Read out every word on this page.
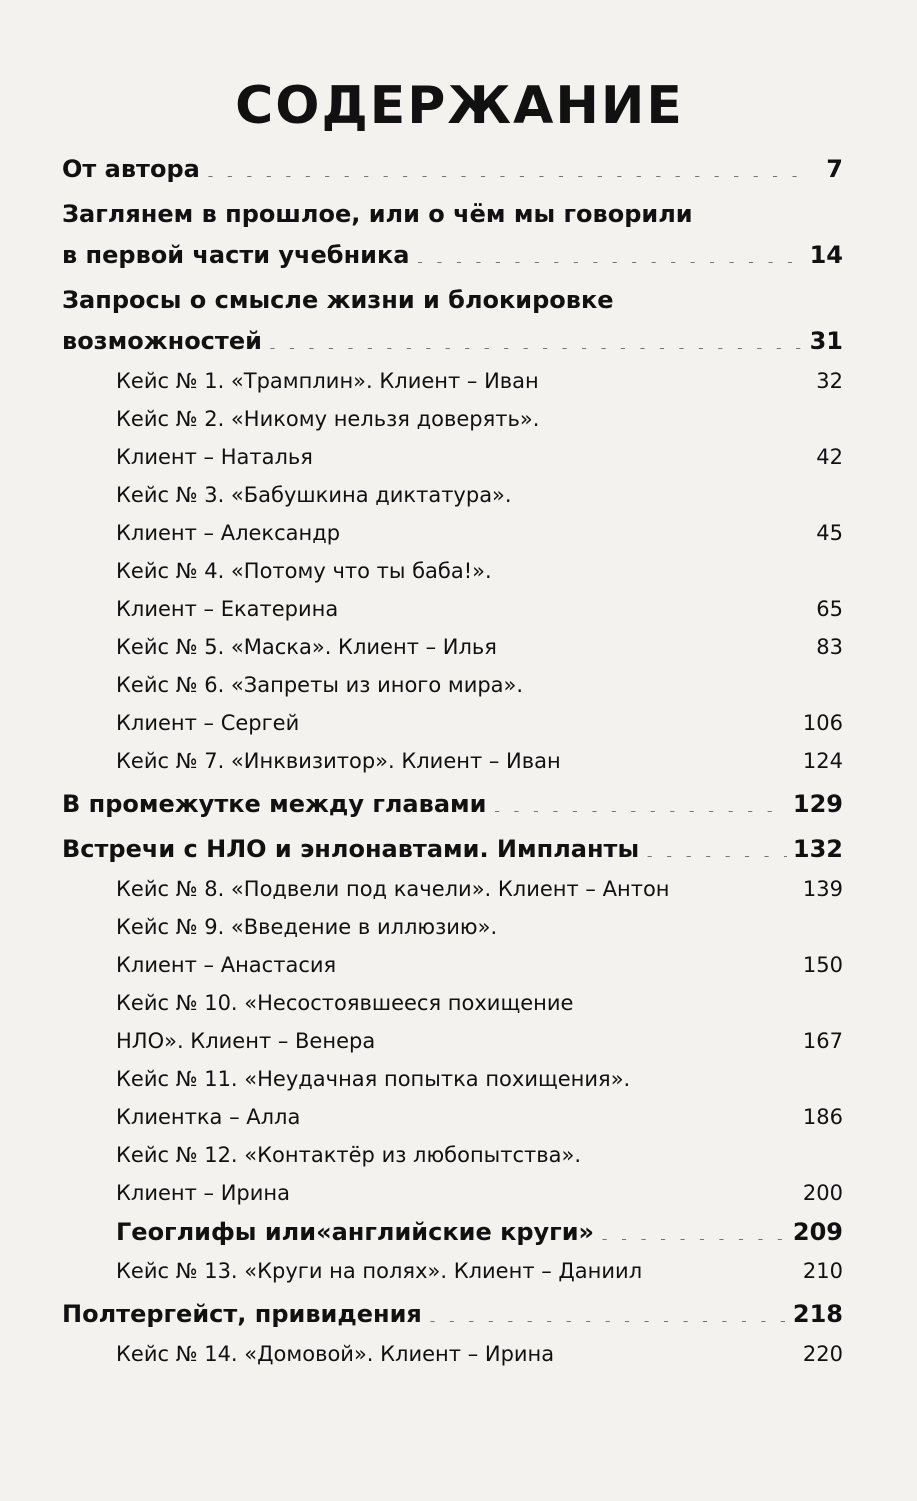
СОДЕРЖАНИЕ
От автора . . .	7
Заглянем в прошлое, или о чём мы говорили
в первой части учебника . . .	14
Запросы о смысле жизни и блокировке
возможностей . . .	31
Кейс № 1. «Трамплин». Клиент – Иван . . .	32
Кейс № 2. «Никому нельзя доверять».
Клиент – Наталья . . .	42
Кейс № 3. «Бабушкина диктатура».
Клиент – Александр . . .	45
Кейс № 4. «Потому что ты баба!».
Клиент – Екатерина . . .	65
Кейс № 5. «Маска». Клиент – Илья . . .	83
Кейс № 6. «Запреты из иного мира».
Клиент – Сергей . . .	106
Кейс № 7. «Инквизитор». Клиент – Иван . . .	124
В промежутке между главами . . .	129
Встречи с НЛО и энлонавтами. Импланты . . .	132
Кейс № 8. «Подвели под качели». Клиент – Антон . . .	139
Кейс № 9. «Введение в иллюзию».
Клиент – Анастасия . . .	150
Кейс № 10. «Несостоявшееся похищение
НЛО». Клиент – Венера . . .	167
Кейс № 11. «Неудачная попытка похищения».
Клиентка – Алла . . .	186
Кейс № 12. «Контактёр из любопытства».
Клиент – Ирина . . .	200
Геоглифы или«английские круги» . . .	209
Кейс № 13. «Круги на полях». Клиент – Даниил . . .	210
Полтергейст, привидения . . .	218
Кейс № 14. «Домовой». Клиент – Ирина . . .	220
